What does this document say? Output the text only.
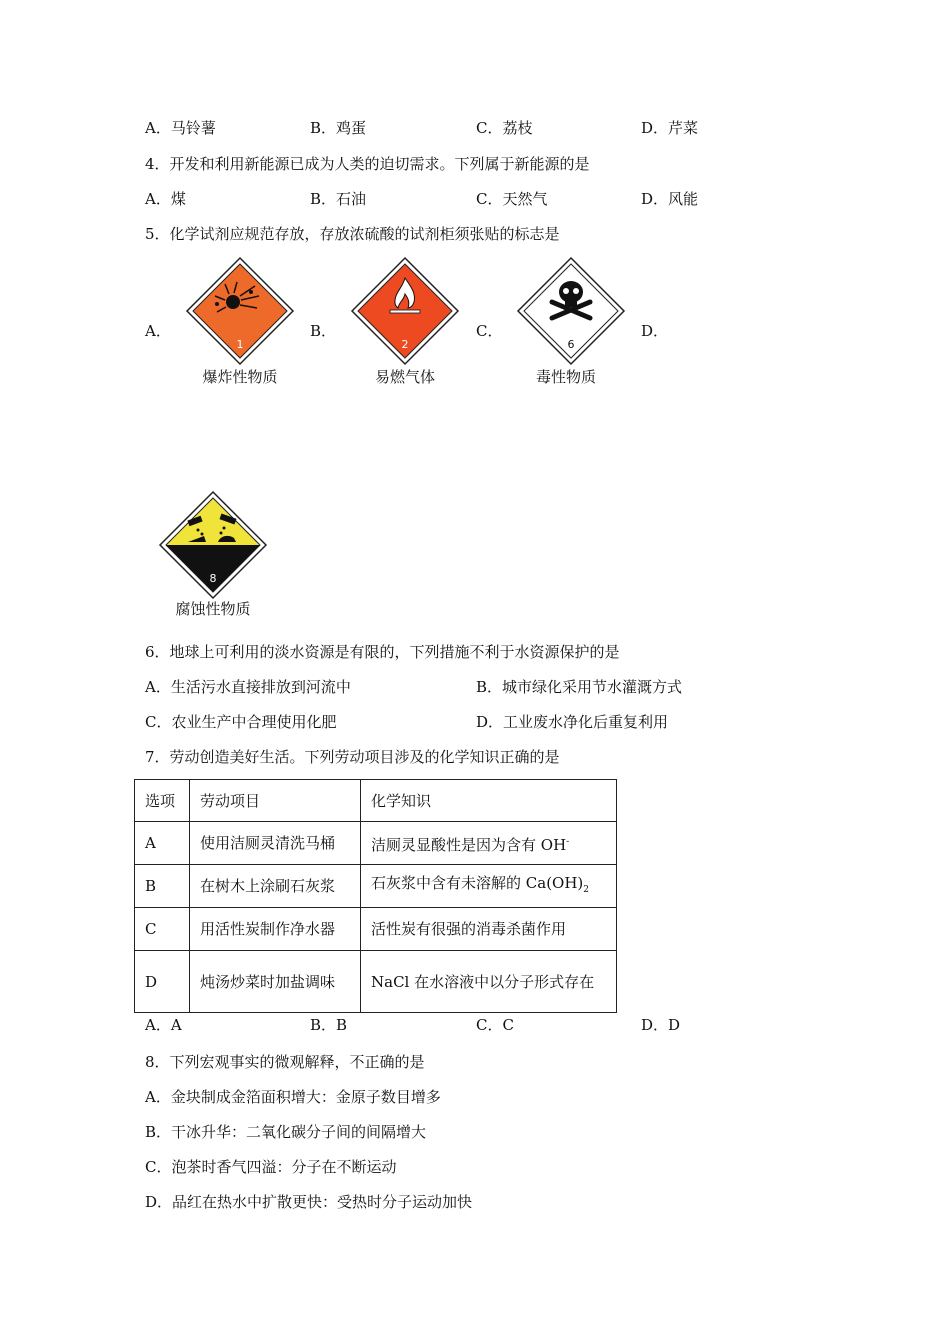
A．马铃薯	B．鸡蛋	C．荔枝	D．芹菜
4．开发和利用新能源已成为人类的迫切需求。下列属于新能源的是
A．煤	B．石油	C．天然气	D．风能
5．化学试剂应规范存放，存放浓硫酸的试剂柜须张贴的标志是
A．	B．	C．	D．
1
爆炸性物质
2
易燃气体
6
毒性物质
8
腐蚀性物质
6．地球上可利用的淡水资源是有限的，下列措施不利于水资源保护的是
A．生活污水直接排放到河流中	B．城市绿化采用节水灌溉方式
C．农业生产中合理使用化肥	D．工业废水净化后重复利用
7．劳动创造美好生活。下列劳动项目涉及的化学知识正确的是
选项	劳动项目	化学知识
A	使用洁厕灵清洗马桶	洁厕灵显酸性是因为含有 OH-
B	在树木上涂刷石灰浆	石灰浆中含有未溶解的 $Ca(OH)_2$
C	用活性炭制作净水器	活性炭有很强的消毒杀菌作用
D	炖汤炒菜时加盐调味	NaCl 在水溶液中以分子形式存在
A．A	B．B	C．C	D．D
8．下列宏观事实的微观解释，不正确的是
A．金块制成金箔面积增大：金原子数目增多
B．干冰升华：二氧化碳分子间的间隔增大
C．泡茶时香气四溢：分子在不断运动
D．品红在热水中扩散更快：受热时分子运动加快
